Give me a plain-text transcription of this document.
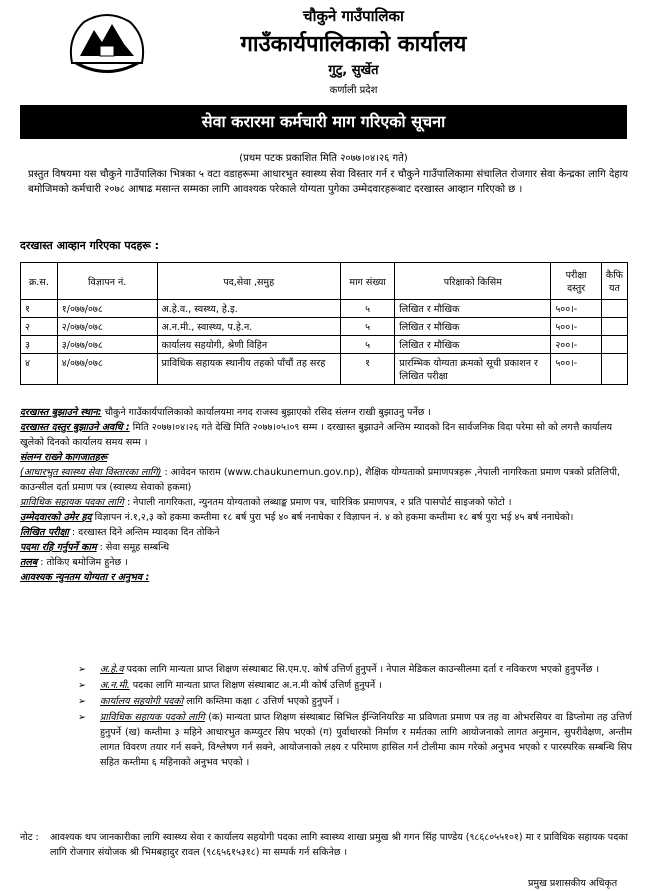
चौकुने गाउँपालिका
गाउँकार्यपालिकाको कार्यालय
गुटु, सुर्खेत
कर्णाली प्रदेश
सेवा करारमा कर्मचारी माग गरिएको सूचना
(प्रथम पटक प्रकाशित मिति २०७७।०४।२६ गते)
प्रस्तुत विषयमा यस चौकुने गाउँपालिका भित्रका ५ वटा वडाहरूमा आधारभुत स्वास्थ्य सेवा विस्तार गर्न र चौकुने गाउँपालिकामा संचालित रोजगार सेवा केन्द्रका लागि देहाय बमोजिमको कर्मचारी २०७८ आषाढ मसान्त सम्मका लागि आवश्यक परेकाले योग्यता पुगेका उम्मेदवारहरूबाट दरखास्त आव्हान गरिएको छ ।
दरखास्त आव्हान गरिएका पदहरू :
क्र.स.	विज्ञापन नं.	पद,सेवा ,समुह	माग संख्या	परिक्षाको किसिम	परीक्षा दस्तुर	कैफि यत
१	१/०७७/०७८	अ.हे.व., स्वस्थ्य, हे.इ.	५	लिखित र मौखिक	५००।-	
२	२/०७७/०७८	अ.न.मी., स्वास्थ्य, प.हे.न.	५	लिखित र मौखिक	५००।-	
३	३/०७७/०७८	कार्यालय सहयोगी, श्रेणी विहिन	५	लिखित र मौखिक	२००।-	
४	४/०७७/०७८	प्राविधिक सहायक स्थानीय तहको पाँचौं तह सरह	१	प्रारम्भिक योग्यता क्रमको सूची प्रकाशन र लिखित परीक्षा	५००।-	

दरखास्त बुझाउने स्थान: चौकुने गाउँकार्यपालिकाको कार्यालयमा नगद राजस्व बुझाएको रसिद संलग्न राखी बुझाउनु पर्नेछ ।

दरखास्त दस्तुर बुझाउने अवधि : मिति २०७७।०४।२६ गते देखि मिति २०७७।०५।०९ सम्म । दरखास्त बुझाउने अन्तिम म्यादको दिन सार्वजनिक विदा परेमा सो को लगत्तै कार्यालय खुलेको दिनको कार्यालय समय सम्म ।

संलग्न राख्ने कागजातहरू

(आधारभुत स्वास्थ्य सेवा विस्तारका लागि) : आवेदन फाराम (www.chaukunemun.gov.np), शैक्षिक योग्यताको प्रमाणपत्रहरू ,नेपाली नागरिकता प्रमाण पत्रको प्रतिलिपी, काउन्सील दर्ता प्रमाण पत्र (स्वास्थ्य सेवाको हकमा)

प्राविधिक सहायक पदका लागि : नेपाली नागरिकता, न्युनतम योग्यताको लब्धाङ्क प्रमाण पत्र, चारित्रिक प्रमाणपत्र, २ प्रति पासपोर्ट साइजको फोटो ।

उम्मेदवारको उमेर हद विज्ञापन नं.१,२,३ को हकमा कम्तीमा १८ बर्ष पुरा भई ४० बर्ष ननाघेका र विज्ञापन नं. ४ को हकमा कम्तीमा १८ बर्ष पुरा भई ४५ बर्ष ननाघेको।

लिखित परीक्षा : दरखास्त दिने अन्तिम म्यादका दिन तोकिने

पदमा रहि गर्नुपर्ने काम : सेवा समूह सम्बन्धि

तलब : तोकिए बमोजिम हुनेछ ।

आवश्यक न्युनतम योग्यता र अनुभव :

➢ अ.हे.व पदका लागि मान्यता प्राप्त शिक्षण संस्थाबाट सि.एम.ए. कोर्ष उत्तिर्ण हुनुपर्ने । नेपाल मेडिकल काउन्सीलमा दर्ता र नविकरण भएको हुनुपर्नेछ ।
➢ अ.न.मी. पदका लागि मान्यता प्राप्त शिक्षण संस्थाबाट अ.न.मी कोर्ष उत्तिर्ण हुनुपर्ने ।
➢ कार्यालय सहयोगी पदको लागि कम्तिमा कक्षा ८ उत्तिर्ण भएको हुनुपर्ने ।
➢ प्राविधिक सहायक पदको लागि (क) मान्यता प्राप्त शिक्षण संस्थाबाट सिभिल ईन्जिनियरिङ मा प्रविणता प्रमाण पत्र तह वा ओभरसियर वा डिप्लोमा तह उत्तिर्ण हुनुपर्ने (ख) कम्तीमा ३ महिने आधारभुत कम्प्युटर सिप भएको (ग) पुर्वाधारको निर्माण र मर्मतका लागि आयोजनाको लागत अनुमान, सुपरीवेक्षण, अन्तीम लागत विवरण तयार गर्न सक्ने, विश्लेषण गर्न सक्ने, आयोजनाको लक्ष्य र परिमाण हासिल गर्न टोलीमा काम गरेको अनुभव भएको र पारस्परिक सम्बन्धि सिप सहित कम्तीमा ६ महिनाको अनुभव भएको ।
नोट : आवश्यक थप जानकारीका लागि स्वास्थ्य सेवा र कार्यालय सहयोगी पदका लागि स्वास्थ्य शाखा प्रमुख श्री गगन सिंह पाण्डेय (९८६८०५५१०१) मा र प्राविधिक सहायक पदका लागि रोजगार संयोजक श्री भिमबहादुर रावल (९८६५६१५३१८) मा सम्पर्क गर्न सकिनेछ ।
प्रमुख प्रशासकीय अधिकृत
